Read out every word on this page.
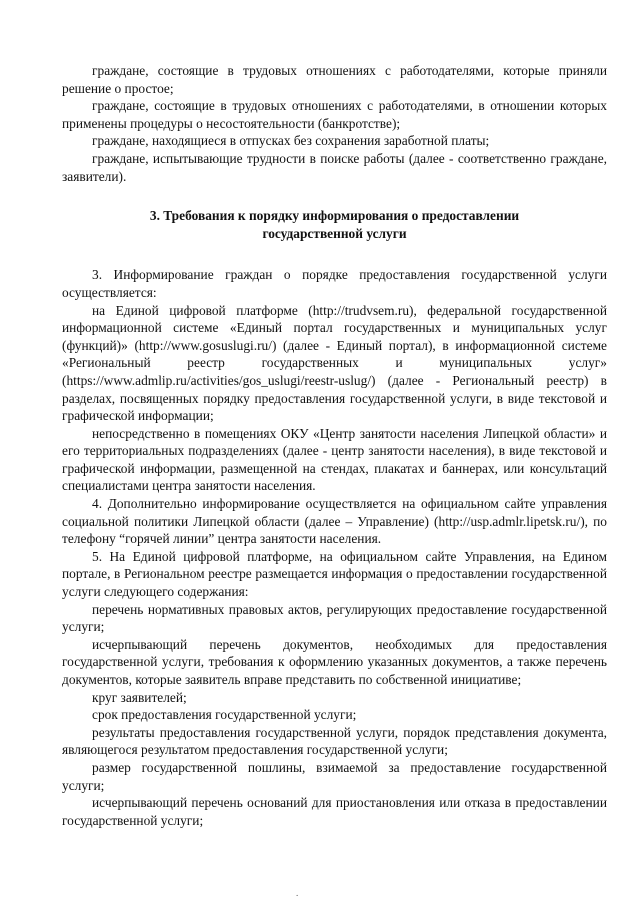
граждане, состоящие в трудовых отношениях с работодателями, которые приняли решение о простое;

граждане, состоящие в трудовых отношениях с работодателями, в отношении которых применены процедуры о несостоятельности (банкротстве);

граждане, находящиеся в отпусках без сохранения заработной платы;

граждане, испытывающие трудности в поиске работы (далее - соответственно граждане, заявители).

3. Требования к порядку информирования о предоставлении
государственной услуги

3. Информирование граждан о порядке предоставления государственной услуги осуществляется:

на Единой цифровой платформе (http://trudvsem.ru), федеральной государственной информационной системе «Единый портал государственных и муниципальных услуг (функций)» (http://www.gosuslugi.ru/) (далее - Единый портал), в информационной системе «Региональный реестр государственных и муниципальных услуг» (https://www.admlip.ru/activities/gos_uslugi/reestr-uslug/) (далее - Региональный реестр) в разделах, посвященных порядку предоставления государственной услуги, в виде текстовой и графической информации;

непосредственно в помещениях ОКУ «Центр занятости населения Липецкой области» и его территориальных подразделениях (далее - центр занятости населения), в виде текстовой и графической информации, размещенной на стендах, плакатах и баннерах, или консультаций специалистами центра занятости населения.

4. Дополнительно информирование осуществляется на официальном сайте управления социальной политики Липецкой области (далее – Управление) (http://usp.admlr.lipetsk.ru/), по телефону “горячей линии” центра занятости населения.

5. На Единой цифровой платформе, на официальном сайте Управления, на Едином портале, в Региональном реестре размещается информация о предоставлении государственной услуги следующего содержания:

перечень нормативных правовых актов, регулирующих предоставление государственной услуги;

исчерпывающий перечень документов, необходимых для предоставления государственной услуги, требования к оформлению указанных документов, а также перечень документов, которые заявитель вправе представить по собственной инициативе;

круг заявителей;

срок предоставления государственной услуги;

результаты предоставления государственной услуги, порядок представления документа, являющегося результатом предоставления государственной услуги;

размер государственной пошлины, взимаемой за предоставление государственной услуги;

исчерпывающий перечень оснований для приостановления или отказа в предоставлении государственной услуги;

.
